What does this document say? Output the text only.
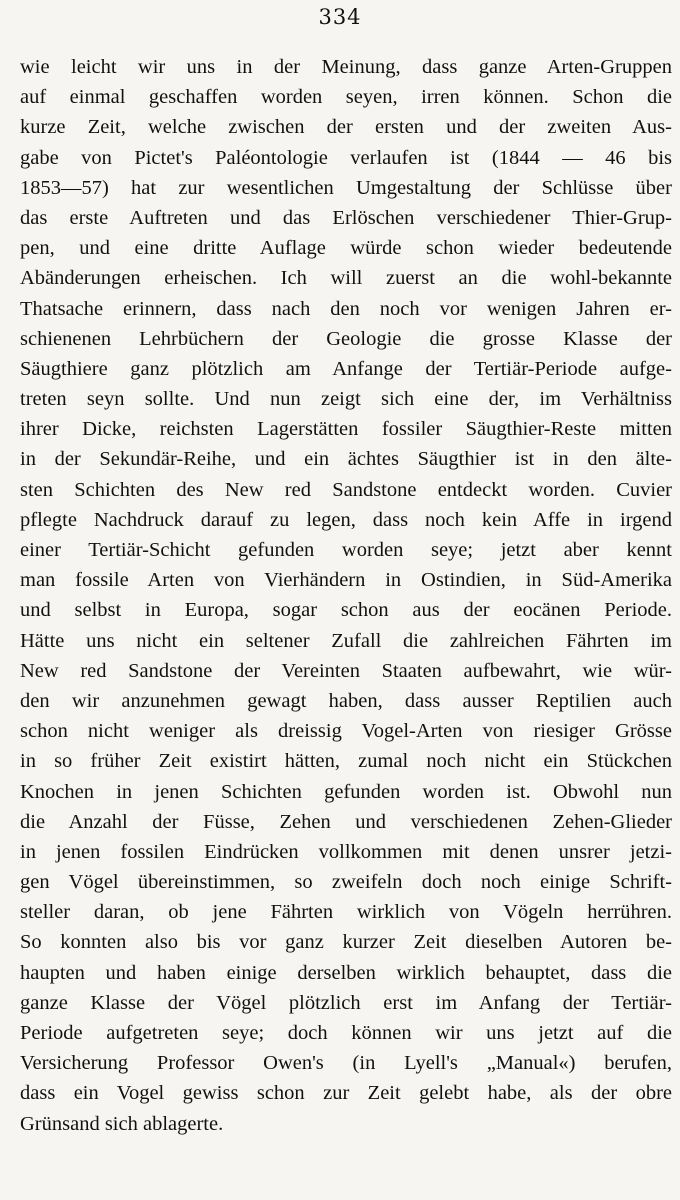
334
wie leicht wir uns in der Meinung, dass ganze Arten-Gruppen
auf einmal geschaffen worden seyen, irren können. Schon die
kurze Zeit, welche zwischen der ersten und der zweiten Aus-
gabe von Pictet's Paléontologie verlaufen ist (1844 — 46 bis
1853—57) hat zur wesentlichen Umgestaltung der Schlüsse über
das erste Auftreten und das Erlöschen verschiedener Thier-Grup-
pen, und eine dritte Auflage würde schon wieder bedeutende
Abänderungen erheischen. Ich will zuerst an die wohl-bekannte
Thatsache erinnern, dass nach den noch vor wenigen Jahren er-
schienenen Lehrbüchern der Geologie die grosse Klasse der
Säugthiere ganz plötzlich am Anfange der Tertiär-Periode aufge-
treten seyn sollte. Und nun zeigt sich eine der, im Verhältniss
ihrer Dicke, reichsten Lagerstätten fossiler Säugthier-Reste mitten
in der Sekundär-Reihe, und ein ächtes Säugthier ist in den älte-
sten Schichten des New red Sandstone entdeckt worden. Cuvier
pflegte Nachdruck darauf zu legen, dass noch kein Affe in irgend
einer Tertiär-Schicht gefunden worden seye; jetzt aber kennt
man fossile Arten von Vierhändern in Ostindien, in Süd-Amerika
und selbst in Europa, sogar schon aus der eocänen Periode.
Hätte uns nicht ein seltener Zufall die zahlreichen Fährten im
New red Sandstone der Vereinten Staaten aufbewahrt, wie wür-
den wir anzunehmen gewagt haben, dass ausser Reptilien auch
schon nicht weniger als dreissig Vogel-Arten von riesiger Grösse
in so früher Zeit existirt hätten, zumal noch nicht ein Stückchen
Knochen in jenen Schichten gefunden worden ist. Obwohl nun
die Anzahl der Füsse, Zehen und verschiedenen Zehen-Glieder
in jenen fossilen Eindrücken vollkommen mit denen unsrer jetzi-
gen Vögel übereinstimmen, so zweifeln doch noch einige Schrift-
steller daran, ob jene Fährten wirklich von Vögeln herrühren.
So konnten also bis vor ganz kurzer Zeit dieselben Autoren be-
haupten und haben einige derselben wirklich behauptet, dass die
ganze Klasse der Vögel plötzlich erst im Anfang der Tertiär-
Periode aufgetreten seye; doch können wir uns jetzt auf die
Versicherung Professor Owen's (in Lyell's „Manual«) berufen,
dass ein Vogel gewiss schon zur Zeit gelebt habe, als der obre
Grünsand sich ablagerte.
